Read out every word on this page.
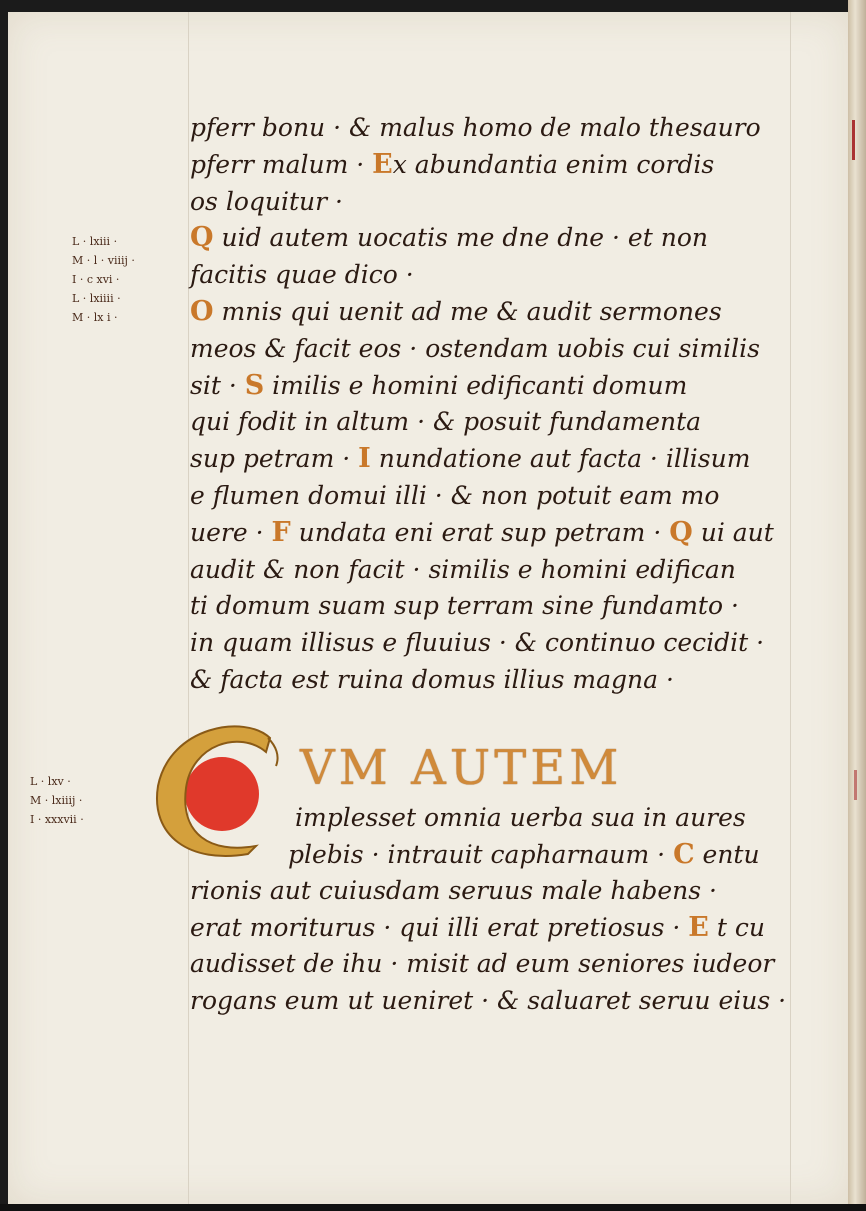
L · lxiii ·
M · l · viiij ·
I · c xvi ·
L · lxiiii ·
M · lx i ·
L · lxv ·
M · lxiiij ·
I · xxxvii ·
pferr bonu · & malus homo de malo thesauro
pferr malum · Ex abundantia enim cordis
os loquitur ·
Q uid autem uocatis me dne dne · et non
facitis quae dico ·
O mnis qui uenit ad me & audit sermones
meos & facit eos · ostendam uobis cui similis
sit · S imilis e homini edificanti domum
qui fodit in altum · & posuit fundamenta
sup petram · I nundatione aut facta · illisum
e flumen domui illi · & non potuit eam mo
uere · F undata eni erat sup petram · Q ui aut
audit & non facit · similis e homini edifican
ti domum suam sup terram sine fundamto ·
in quam illisus e fluuius · & continuo cecidit ·
& facta est ruina domus illius magna ·
VM AUTEM
implesset omnia uerba sua in aures
plebis · intrauit capharnaum · C entu
rionis aut cuiusdam seruus male habens ·
erat moriturus · qui illi erat pretiosus · E t cu
audisset de ihu · misit ad eum seniores iudeor
rogans eum ut ueniret · & saluaret seruu eius ·
